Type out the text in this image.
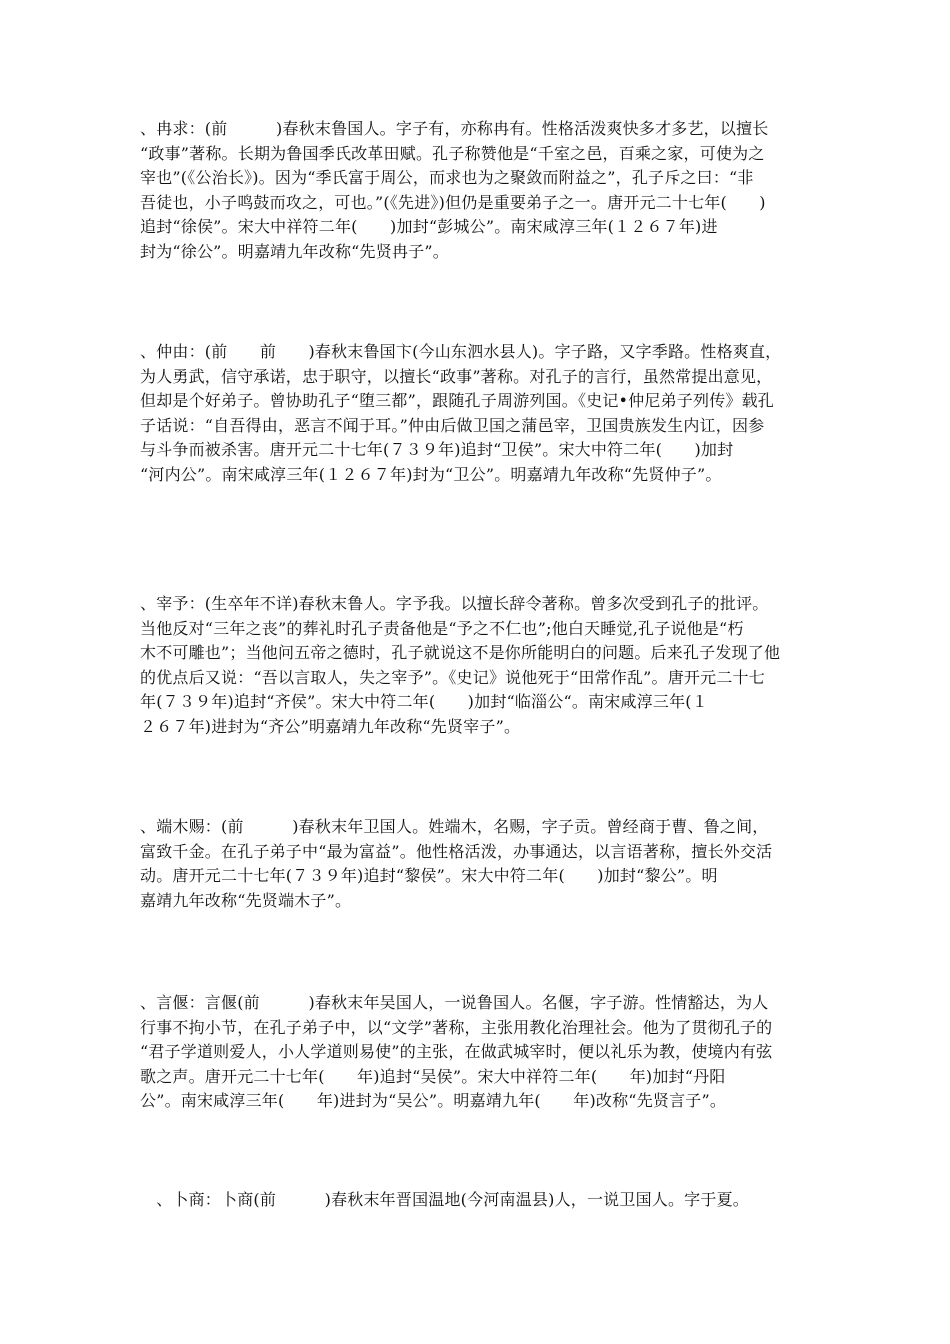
、冉求：(前　　　)春秋末鲁国人。字子有，亦称冉有。性格活泼爽快多才多艺，以擅长
“政事”著称。长期为鲁国季氏改革田赋。孔子称赞他是“千室之邑，百乘之家，可使为之
宰也”(《公治长》)。因为“季氏富于周公，而求也为之聚敛而附益之”，孔子斥之曰：“非
吾徒也，小子鸣鼓而攻之，可也。”(《先进》)但仍是重要弟子之一。唐开元二十七年(　　)
追封“徐侯”。宋大中祥符二年(　　)加封“彭城公”。南宋咸淳三年(１２６７年)进
封为“徐公”。明嘉靖九年改称“先贤冉子”。
、仲由：(前　　前　　)春秋末鲁国卞(今山东泗水县人)。字子路，又字季路。性格爽直，
为人勇武，信守承诺，忠于职守，以擅长“政事”著称。对孔子的言行，虽然常提出意见，
但却是个好弟子。曾协助孔子“堕三都”，跟随孔子周游列国。《史记•仲尼弟子列传》载孔
子话说：“自吾得由，恶言不闻于耳。”仲由后做卫国之蒲邑宰，卫国贵族发生内讧，因参
与斗争而被杀害。唐开元二十七年(７３９年)追封“卫侯”。宋大中符二年(　　)加封
“河内公”。南宋咸淳三年(１２６７年)封为“卫公”。明嘉靖九年改称“先贤仲子”。
、宰予：(生卒年不详)春秋末鲁人。字予我。以擅长辞令著称。曾多次受到孔子的批评。
当他反对“三年之丧”的葬礼时孔子责备他是“予之不仁也”;他白天睡觉,孔子说他是“朽
木不可雕也”；当他问五帝之德时，孔子就说这不是你所能明白的问题。后来孔子发现了他
的优点后又说：“吾以言取人，失之宰予”。《史记》说他死于“田常作乱”。唐开元二十七
年(７３９年)追封“齐侯”。宋大中符二年(　　)加封“临淄公“。南宋咸淳三年(１
２６７年)进封为“齐公”明嘉靖九年改称“先贤宰子”。
、端木赐：(前　　　)春秋末年卫国人。姓端木，名赐，字子贡。曾经商于曹、鲁之间，
富致千金。在孔子弟子中“最为富益”。他性格活泼，办事通达，以言语著称，擅长外交活
动。唐开元二十七年(７３９年)追封“黎侯”。宋大中符二年(　　)加封“黎公”。明
嘉靖九年改称“先贤端木子”。
、言偃：言偃(前　　　)春秋末年吴国人，一说鲁国人。名偃，字子游。性情豁达，为人
行事不拘小节，在孔子弟子中，以“文学”著称，主张用教化治理社会。他为了贯彻孔子的
“君子学道则爱人，小人学道则易使”的主张，在做武城宰时，便以礼乐为教，使境内有弦
歌之声。唐开元二十七年(　　年)追封“吴侯”。宋大中祥符二年(　　年)加封“丹阳
公”。南宋咸淳三年(　　年)进封为“吴公”。明嘉靖九年(　　年)改称“先贤言子”。
　、卜商：卜商(前　　　)春秋末年晋国温地(今河南温县)人，一说卫国人。字于夏。
